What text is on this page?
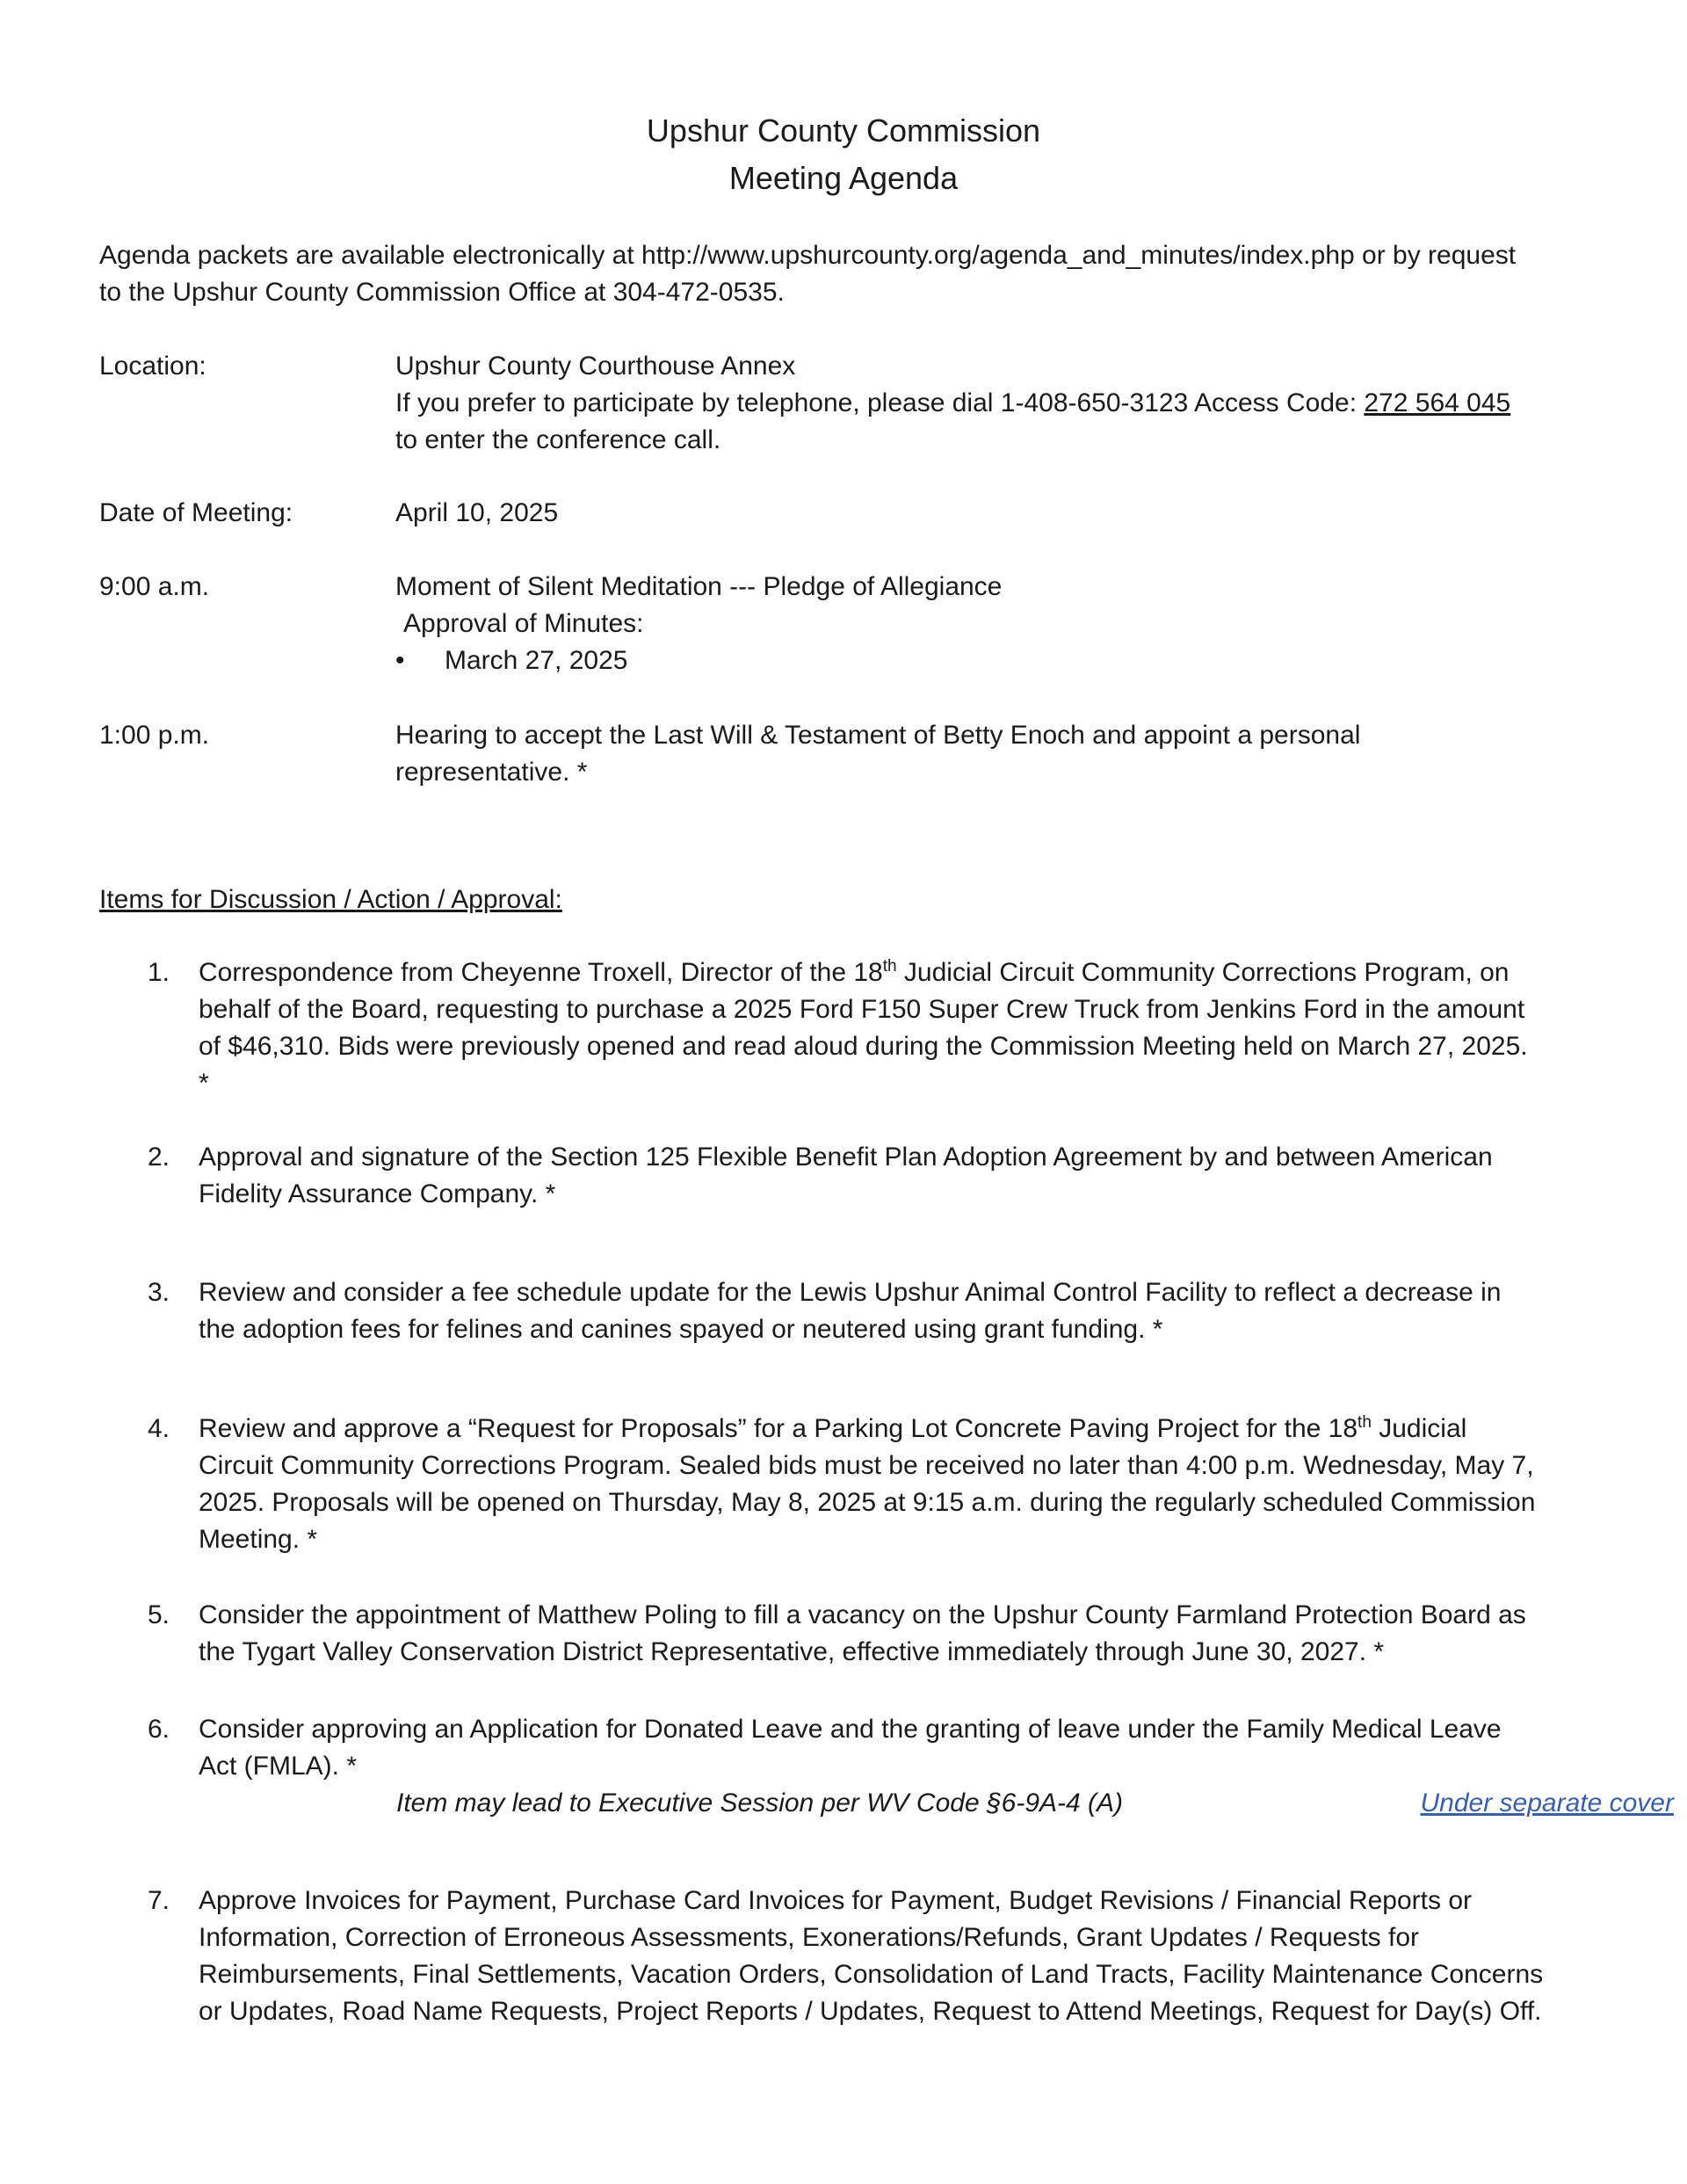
Upshur County Commission
Meeting Agenda
Agenda packets are available electronically at http://www.upshurcounty.org/agenda_and_minutes/index.php or by request
to the Upshur County Commission Office at 304-472-0535.
Location:	Upshur County Courthouse Annex
If you prefer to participate by telephone, please dial 1-408-650-3123 Access Code: 272 564 045
to enter the conference call.
Date of Meeting:	April 10, 2025
9:00 a.m.	Moment of Silent Meditation --- Pledge of Allegiance
Approval of Minutes:
• March 27, 2025
1:00 p.m.	Hearing to accept the Last Will & Testament of Betty Enoch and appoint a personal
representative. *
Items for Discussion / Action / Approval:
1. Correspondence from Cheyenne Troxell, Director of the 18th Judicial Circuit Community Corrections Program, on
behalf of the Board, requesting to purchase a 2025 Ford F150 Super Crew Truck from Jenkins Ford in the amount
of $46,310. Bids were previously opened and read aloud during the Commission Meeting held on March 27, 2025.
*
2. Approval and signature of the Section 125 Flexible Benefit Plan Adoption Agreement by and between American
Fidelity Assurance Company. *
3. Review and consider a fee schedule update for the Lewis Upshur Animal Control Facility to reflect a decrease in
the adoption fees for felines and canines spayed or neutered using grant funding. *
4. Review and approve a “Request for Proposals” for a Parking Lot Concrete Paving Project for the 18th Judicial
Circuit Community Corrections Program. Sealed bids must be received no later than 4:00 p.m. Wednesday, May 7,
2025. Proposals will be opened on Thursday, May 8, 2025 at 9:15 a.m. during the regularly scheduled Commission
Meeting. *
5. Consider the appointment of Matthew Poling to fill a vacancy on the Upshur County Farmland Protection Board as
the Tygart Valley Conservation District Representative, effective immediately through June 30, 2027. *
6. Consider approving an Application for Donated Leave and the granting of leave under the Family Medical Leave
Act (FMLA). *
Item may lead to Executive Session per WV Code §6-9A-4 (A)	Under separate cover
7. Approve Invoices for Payment, Purchase Card Invoices for Payment, Budget Revisions / Financial Reports or
Information, Correction of Erroneous Assessments, Exonerations/Refunds, Grant Updates / Requests for
Reimbursements, Final Settlements, Vacation Orders, Consolidation of Land Tracts, Facility Maintenance Concerns
or Updates, Road Name Requests, Project Reports / Updates, Request to Attend Meetings, Request for Day(s) Off.
